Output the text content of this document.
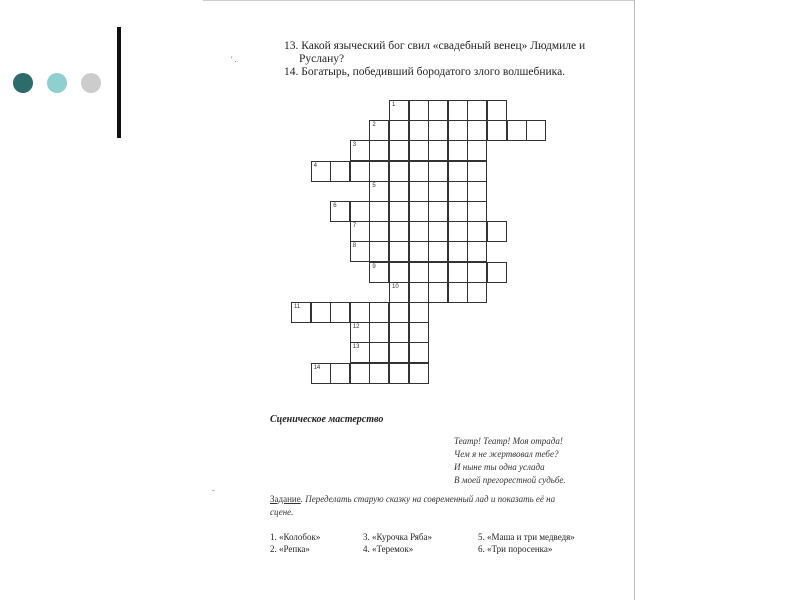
' .
-
13. Какой языческий бог свил «свадебный венец» Людмиле и
Руслану?
14. Богатырь, победивший бородатого злого волшебника.
1
2
3
4
5
6
7
8
9
10
11
12
13
14
Сценическое мастерство
Театр! Театр! Моя отрада!
Чем я не жертвовал тебе?
И ныне ты одна услада
В моей прегорестной судьбе.
Задание. Переделать старую сказку на современный лад и показать её на
сцене.
1. «Колобок»
2. «Репка»
3. «Курочка Ряба»
4. «Теремок»
5. «Маша и три медведя»
6. «Три поросенка»
